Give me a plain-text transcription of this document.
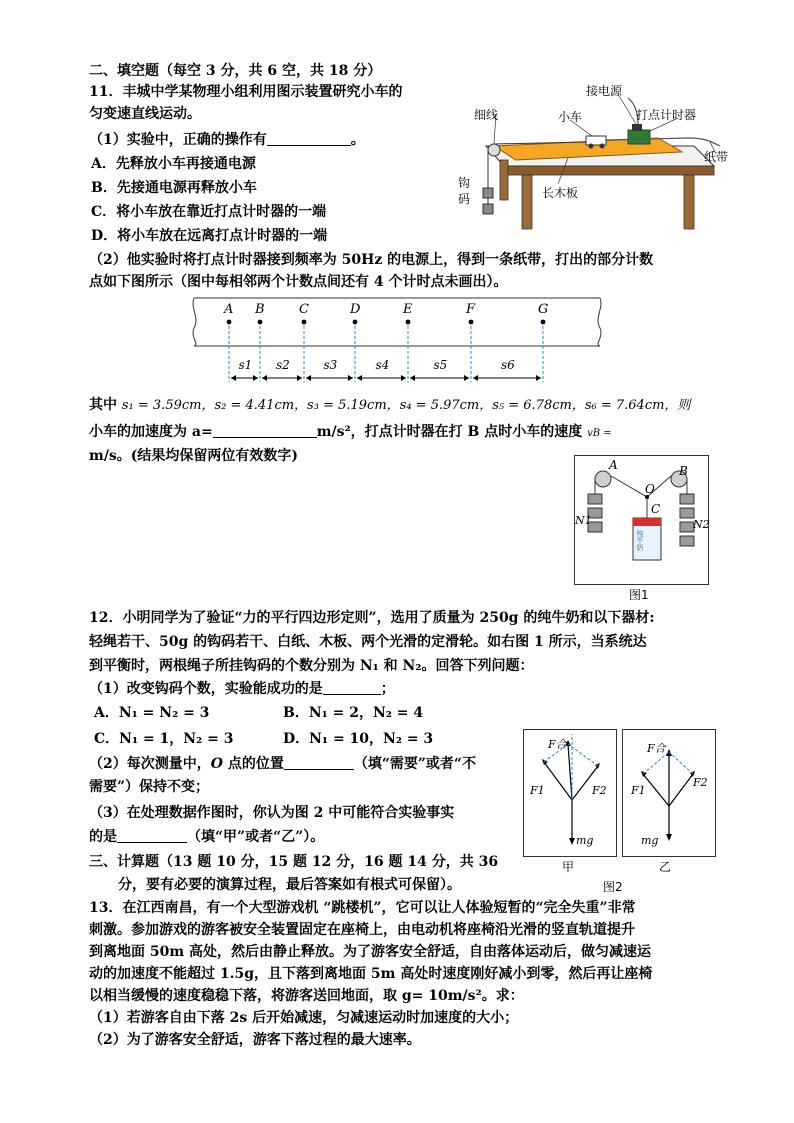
二、填空题（每空 3 分，共 6 空，共 18 分）
11．丰城中学某物理小组利用图示装置研究小车的
匀变速直线运动。
（1）实验中，正确的操作有	。
A．先释放小车再接通电源
B．先接通电源再释放小车
C．将小车放在靠近打点计时器的一端
D．将小车放在远离打点计时器的一端
接电源
打点计时器
细线	小车
纸带
钩
码	长木板
（2）他实验时将打点计时器接到频率为 50Hz 的电源上，得到一条纸带，打出的部分计数
点如下图所示（图中每相邻两个计数点间还有 4 个计时点未画出）。
A B	C	D	E	F	G
s1 s2	s3	s4	s5	s6
其中 s₁ = 3.59cm，s₂ = 4.41cm，s₃ = 5.19cm，s₄ = 5.97cm，s₅ = 6.78cm，s₆ = 7.64cm，则
小车的加速度为 a=	m/s²，打点计时器在打 B 点时小车的速度 vB =
m/s。(结果均保留两位有效数字)
A	B
O
C
N1	N2
纯牛奶
图1
12．小明同学为了验证“力的平行四边形定则”，选用了质量为 250g 的纯牛奶和以下器材:
轻绳若干、50g 的钩码若干、白纸、木板、两个光滑的定滑轮。如右图 1 所示，当系统达
到平衡时，两根绳子所挂钩码的个数分别为 N₁ 和 N₂。回答下列问题：
（1）改变钩码个数，实验能成功的是	；
A．N₁ = N₂ = 3	B．N₁ = 2，N₂ = 4
C．N₁ = 1，N₂ = 3	D．N₁ = 10，N₂ = 3
（2）每次测量中，O 点的位置	（填“需要”或者“不
需要”）保持不变；
（3）在处理数据作图时，你认为图 2 中可能符合实验事实
的是	（填“甲”或者“乙”）。
F合
F1	F2
mg
F合
F1
F2
mg
甲	乙
图2
三、计算题（13 题 10 分，15 题 12 分，16 题 14 分，共 36
分，要有必要的演算过程，最后答案如有根式可保留）。
13．在江西南昌，有一个大型游戏机 “跳楼机”，它可以让人体验短暂的“完全失重”非常
刺激。参加游戏的游客被安全装置固定在座椅上，由电动机将座椅沿光滑的竖直轨道提升
到离地面 50m 高处，然后由静止释放。为了游客安全舒适，自由落体运动后，做匀减速运
动的加速度不能超过 1.5g，且下落到离地面 5m 高处时速度刚好减小到零，然后再让座椅
以相当缓慢的速度稳稳下落，将游客送回地面，取 g= 10m/s²。求：
（1）若游客自由下落 2s 后开始减速，匀减速运动时加速度的大小；
（2）为了游客安全舒适，游客下落过程的最大速率。
